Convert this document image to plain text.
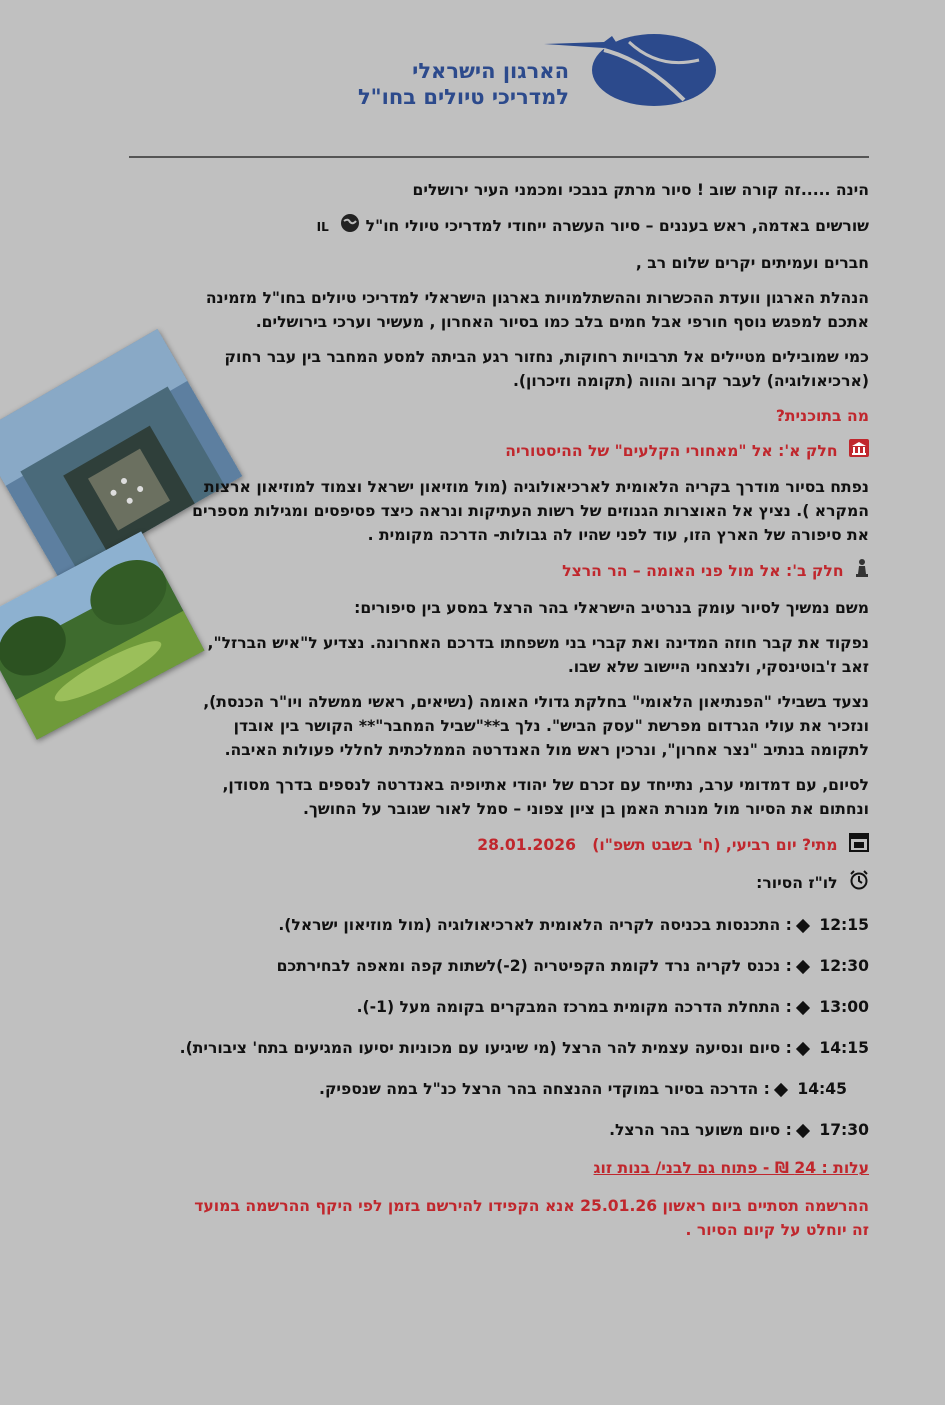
הארגון הישראלי
למדריכי טיולים בחו"ל

הינה .....זה קורה שוב ! סיור מרתק בנבכי ומכמני העיר ירושלים

שורשים באדמה, ראש בעננים – סיור העשרה ייחודי למדריכי טיולי חו"ל  IL

חברים ועמיתים יקרים שלום רב ,

הנהלת הארגון וועדת ההכשרות וההשתלמויות בארגון הישראלי למדריכי טיולים בחו"ל מזמינה אתכם למפגש נוסף חורפי אבל חמים בלב כמו בסיור האחרון , מעשיר וערכי בירושלים.

כמי שמובילים מטיילים אל תרבויות רחוקות, נחזור רגע הביתה למסע המחבר בין עבר רחוק (ארכיאולוגיה) לעבר קרוב והווה (תקומה וזיכרון).

מה בתוכנית?

חלק א': אל "מאחורי הקלעים" של ההיסטוריה

נפתח בסיור מודרך בקריה הלאומית לארכיאולוגיה (מול מוזיאון ישראל וצמוד למוזיאון ארצות המקרא ). נציץ אל האוצרות הגנוזים של רשות העתיקות ונראה כיצד פסיפסים ומגילות מספרים את סיפורה של הארץ הזו, עוד לפני שהיו לה גבולות- הדרכה מקומית .

חלק ב': אל מול פני האומה – הר הרצל

משם נמשיך לסיור עומק בנרטיב הישראלי בהר הרצל במסע בין סיפורים:

נפקוד את קבר חוזה המדינה ואת קברי בני משפחתו בדרכם האחרונה. נצדיע ל"איש הברזל", זאב ז'בוטינסקי, ולנצחני היישוב שלא שבו.

נצעד בשבילי "הפנתיאון הלאומי" בחלקת גדולי האומה (נשיאים, ראשי ממשלה ויו"ר הכנסת), ונזכיר את עולי הגרדום מפרשת "עסק הביש". נלך ב**"שביל המחבר"** הקושר בין אובדן לתקומה בנתיב "נצר אחרון", ונרכין ראש מול האנדרטה הממלכתית לחללי פעולות האיבה.

לסיום, עם דמדומי ערב, נתייחד עם זכרם של יהודי אתיופיה באנדרטה לנספים בדרך מסודן, ונחתום את הסיור מול מנורת האמן בן ציון צפוני – סמל לאור שגובר על החושך.

מתי? יום רביעי, (ח' בשבט תשפ"ו)   28.01.2026

לו"ז הסיור:

12:15 : התכנסות בכניסה לקריה הלאומית לארכיאולוגיה (מול מוזיאון ישראל).

12:30 : נכנס לקריה נרד לקומת הקפיטריה (2-)לשתות קפה ומאפה לבחירתכם

13:00 : התחלת הדרכה מקומית במרכז המבקרים בקומה מעל (1-).

14:15 : סיום ונסיעה עצמית להר הרצל (מי שיגיעו עם מכוניות יסיעו המגיעים בתח' ציבורית).

14:45 : הדרכה בסיור במוקדי ההנצחה בהר הרצל כנ"ל במה שנספיק.

17:30 : סיום משוער בהר הרצל.

עלות : 24 ₪ - פתוח גם לבני/ בנות זוג

ההרשמה תסתיים ביום ראשון 25.01.26 אנא הקפידו להירשם בזמן לפי היקף ההרשמה במועד זה יוחלט על קיום הסיור .
